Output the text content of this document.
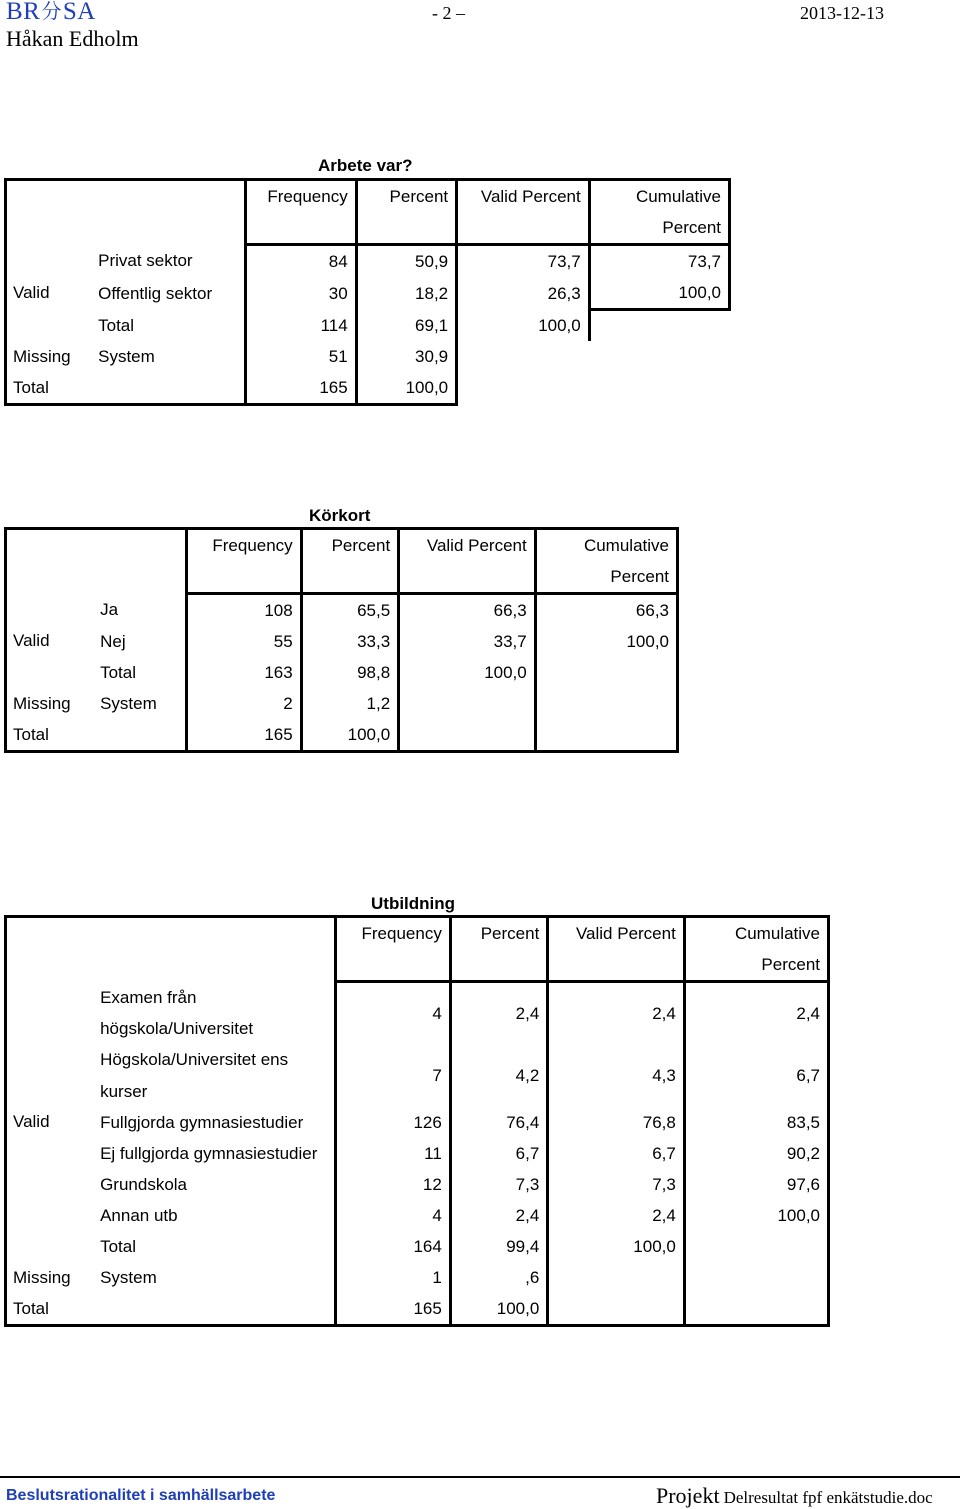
BR分SA
Håkan Edholm
- 2 –	2013-12-13
Arbete var?
		Frequency	Percent	Valid Percent	Cumulative
					Percent
Valid	Privat sektor	84	50,9	73,7	73,7
	Offentlig sektor	30	18,2	26,3	100,0
	Total	114	69,1	100,0	
Missing	System	51	30,9		
Total		165	100,0		
Körkort
		Frequency	Percent	Valid Percent	Cumulative
					Percent
Valid	Ja	108	65,5	66,3	66,3
	Nej	55	33,3	33,7	100,0
	Total	163	98,8	100,0	
Missing	System	2	1,2		
Total		165	100,0		
Utbildning
		Frequency	Percent	Valid Percent	Cumulative
					Percent
Valid	Examen från
högskola/Universitet	4	2,4	2,4	2,4
	Högskola/Universitet ens
kurser	7	4,2	4,3	6,7
	Fullgjorda gymnasiestudier	126	76,4	76,8	83,5
	Ej fullgjorda gymnasiestudier	11	6,7	6,7	90,2
	Grundskola	12	7,3	7,3	97,6
	Annan utb	4	2,4	2,4	100,0
	Total	164	99,4	100,0	
Missing	System	1	,6		
Total		165	100,0		
Beslutsrationalitet i samhällsarbete	Projekt Delresultat fpf enkätstudie.doc
